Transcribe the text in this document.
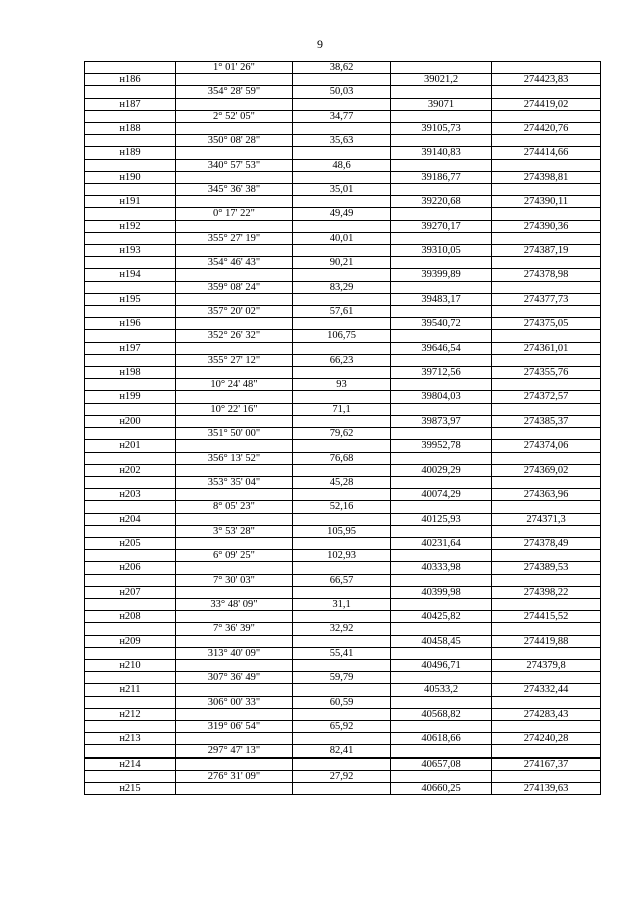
9
	1° 01' 26"	38,62		
н186			39021,2	274423,83
	354° 28' 59"	50,03		
н187			39071	274419,02
	2° 52' 05"	34,77		
н188			39105,73	274420,76
	350° 08' 28"	35,63		
н189			39140,83	274414,66
	340° 57' 53"	48,6		
н190			39186,77	274398,81
	345° 36' 38"	35,01		
н191			39220,68	274390,11
	0° 17' 22"	49,49		
н192			39270,17	274390,36
	355° 27' 19"	40,01		
н193			39310,05	274387,19
	354° 46' 43"	90,21		
н194			39399,89	274378,98
	359° 08' 24"	83,29		
н195			39483,17	274377,73
	357° 20' 02"	57,61		
н196			39540,72	274375,05
	352° 26' 32"	106,75		
н197			39646,54	274361,01
	355° 27' 12"	66,23		
н198			39712,56	274355,76
	10° 24' 48"	93		
н199			39804,03	274372,57
	10° 22' 16"	71,1		
н200			39873,97	274385,37
	351° 50' 00"	79,62		
н201			39952,78	274374,06
	356° 13' 52"	76,68		
н202			40029,29	274369,02
	353° 35' 04"	45,28		
н203			40074,29	274363,96
	8° 05' 23"	52,16		
н204			40125,93	274371,3
	3° 53' 28"	105,95		
н205			40231,64	274378,49
	6° 09' 25"	102,93		
н206			40333,98	274389,53
	7° 30' 03"	66,57		
н207			40399,98	274398,22
	33° 48' 09"	31,1		
н208			40425,82	274415,52
	7° 36' 39"	32,92		
н209			40458,45	274419,88
	313° 40' 09"	55,41		
н210			40496,71	274379,8
	307° 36' 49"	59,79		
н211			40533,2	274332,44
	306° 00' 33"	60,59		
н212			40568,82	274283,43
	319° 06' 54"	65,92		
н213			40618,66	274240,28
	297° 47' 13"	82,41		
н214			40657,08	274167,37
	276° 31' 09"	27,92		
н215			40660,25	274139,63
